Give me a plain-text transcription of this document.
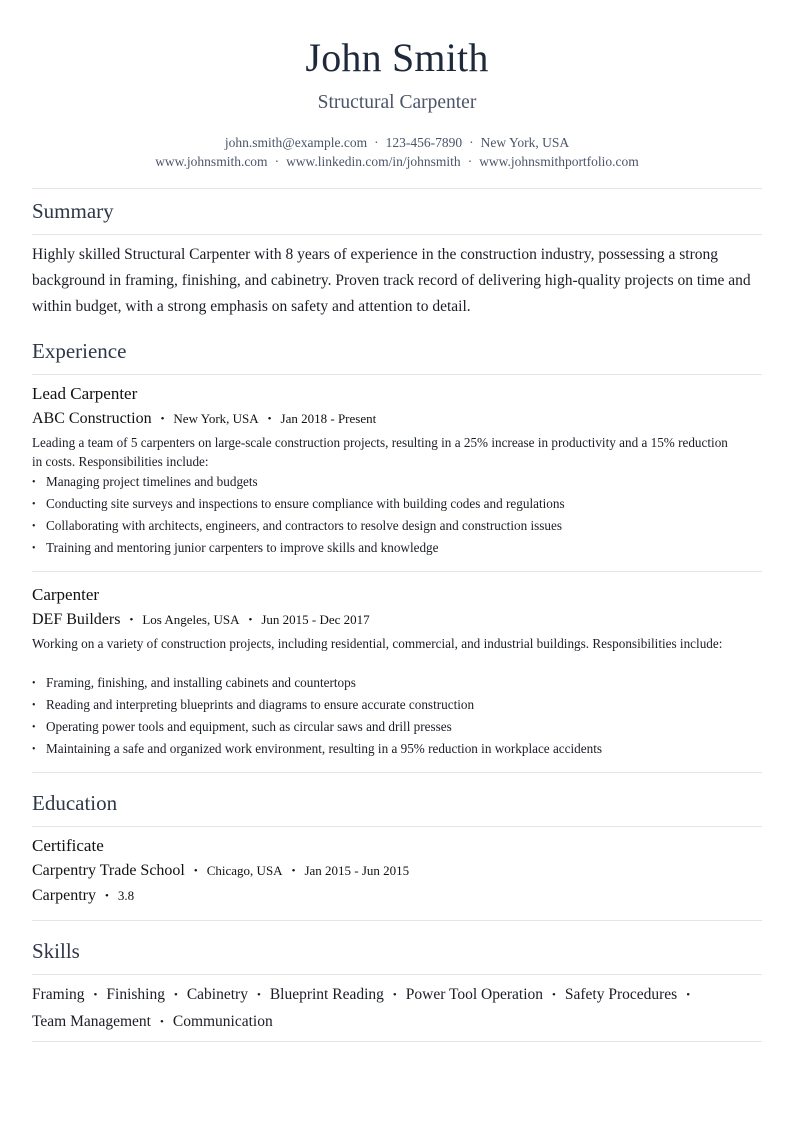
John Smith
Structural Carpenter
john.smith@example.com · 123-456-7890 · New York, USA
www.johnsmith.com · www.linkedin.com/in/johnsmith · www.johnsmithportfolio.com
Summary

Highly skilled Structural Carpenter with 8 years of experience in the construction industry, possessing a strong background in framing, finishing, and cabinetry. Proven track record of delivering high-quality projects on time and within budget, with a strong emphasis on safety and attention to detail.

Experience
Lead Carpenter
ABC Construction • New York, USA • Jan 2018 - Present

Leading a team of 5 carpenters on large-scale construction projects, resulting in a 25% increase in productivity and a 15% reduction in costs. Responsibilities include:

• Managing project timelines and budgets
• Conducting site surveys and inspections to ensure compliance with building codes and regulations
• Collaborating with architects, engineers, and contractors to resolve design and construction issues
• Training and mentoring junior carpenters to improve skills and knowledge
Carpenter
DEF Builders • Los Angeles, USA • Jun 2015 - Dec 2017

Working on a variety of construction projects, including residential, commercial, and industrial buildings. Responsibilities include:

• Framing, finishing, and installing cabinets and countertops
• Reading and interpreting blueprints and diagrams to ensure accurate construction
• Operating power tools and equipment, such as circular saws and drill presses
• Maintaining a safe and organized work environment, resulting in a 95% reduction in workplace accidents
Education
Certificate
Carpentry Trade School • Chicago, USA • Jan 2015 - Jun 2015
Carpentry • 3.8
Skills
Framing • Finishing • Cabinetry • Blueprint Reading • Power Tool Operation • Safety Procedures •
Team Management • Communication
